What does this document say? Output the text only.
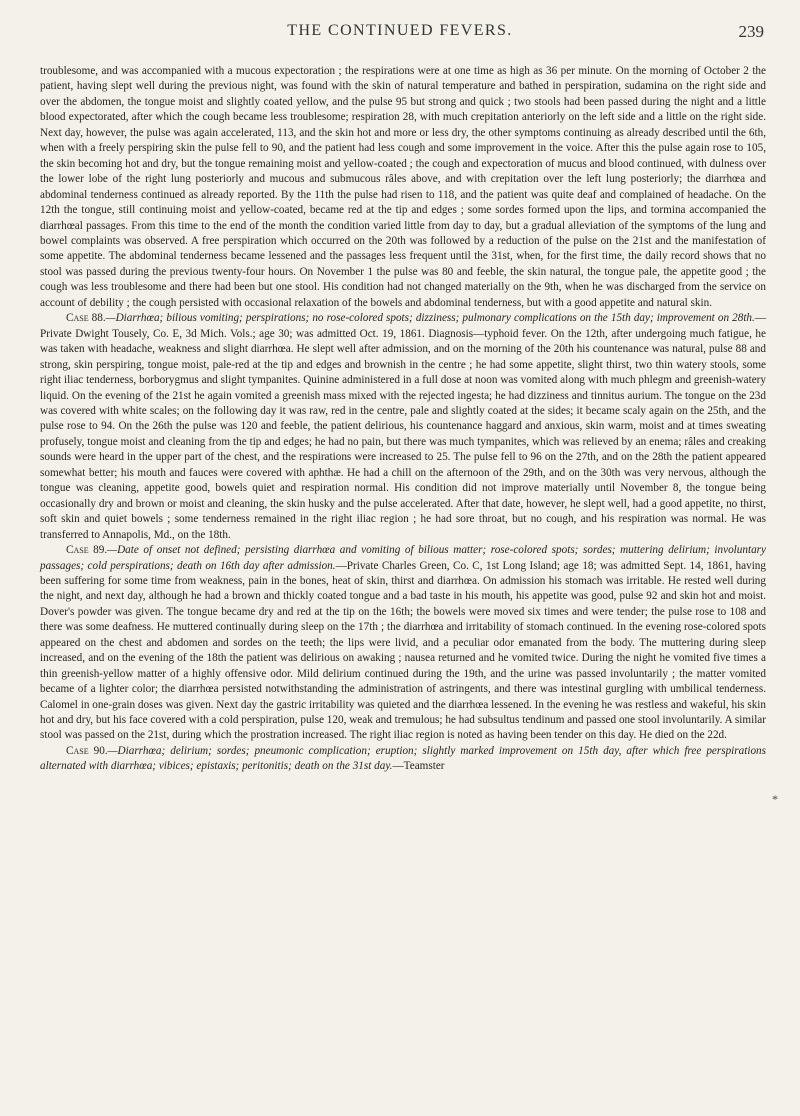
THE CONTINUED FEVERS.	239

troublesome, and was accompanied with a mucous expectoration ; the respirations were at one time as high as 36 per minute. On the morning of October 2 the patient, having slept well during the previous night, was found with the skin of natural temperature and bathed in perspiration, sudamina on the right side and over the abdomen, the tongue moist and slightly coated yellow, and the pulse 95 but strong and quick ; two stools had been passed during the night and a little blood expectorated, after which the cough became less troublesome; respiration 28, with much crepitation anteriorly on the left side and a little on the right side. Next day, however, the pulse was again accelerated, 113, and the skin hot and more or less dry, the other symptoms continuing as already described until the 6th, when with a freely perspiring skin the pulse fell to 90, and the patient had less cough and some improvement in the voice. After this the pulse again rose to 105, the skin becoming hot and dry, but the tongue remaining moist and yellow-coated ; the cough and expectoration of mucus and blood continued, with dulness over the lower lobe of the right lung posteriorly and mucous and submucous râles above, and with crepitation over the left lung posteriorly; the diarrhœa and abdominal tenderness continued as already reported. By the 11th the pulse had risen to 118, and the patient was quite deaf and complained of headache. On the 12th the tongue, still continuing moist and yellow-coated, became red at the tip and edges ; some sordes formed upon the lips, and tormina accompanied the diarrhœal passages. From this time to the end of the month the condition varied little from day to day, but a gradual alleviation of the symptoms of the lung and bowel complaints was observed. A free perspiration which occurred on the 20th was followed by a reduction of the pulse on the 21st and the manifestation of some appetite. The abdominal tenderness became lessened and the passages less frequent until the 31st, when, for the first time, the daily record shows that no stool was passed during the previous twenty-four hours. On November 1 the pulse was 80 and feeble, the skin natural, the tongue pale, the appetite good ; the cough was less troublesome and there had been but one stool. His condition had not changed materially on the 9th, when he was discharged from the service on account of debility ; the cough persisted with occasional relaxation of the bowels and abdominal tenderness, but with a good appetite and natural skin.

Case 88.—Diarrhœa; bilious vomiting; perspirations; no rose-colored spots; dizziness; pulmonary complications on the 15th day; improvement on 28th.—Private Dwight Tousely, Co. E, 3d Mich. Vols.; age 30; was admitted Oct. 19, 1861. Diagnosis—typhoid fever. On the 12th, after undergoing much fatigue, he was taken with headache, weakness and slight diarrhœa. He slept well after admission, and on the morning of the 20th his countenance was natural, pulse 88 and strong, skin perspiring, tongue moist, pale-red at the tip and edges and brownish in the centre ; he had some appetite, slight thirst, two thin watery stools, some right iliac tenderness, borborygmus and slight tympanites. Quinine administered in a full dose at noon was vomited along with much phlegm and greenish-watery liquid. On the evening of the 21st he again vomited a greenish mass mixed with the rejected ingesta; he had dizziness and tinnitus aurium. The tongue on the 23d was covered with white scales; on the following day it was raw, red in the centre, pale and slightly coated at the sides; it became scaly again on the 25th, and the pulse rose to 94. On the 26th the pulse was 120 and feeble, the patient delirious, his countenance haggard and anxious, skin warm, moist and at times sweating profusely, tongue moist and cleaning from the tip and edges; he had no pain, but there was much tympanites, which was relieved by an enema; râles and creaking sounds were heard in the upper part of the chest, and the respirations were increased to 25. The pulse fell to 96 on the 27th, and on the 28th the patient appeared somewhat better; his mouth and fauces were covered with aphthæ. He had a chill on the afternoon of the 29th, and on the 30th was very nervous, although the tongue was cleaning, appetite good, bowels quiet and respiration normal. His condition did not improve materially until November 8, the tongue being occasionally dry and brown or moist and cleaning, the skin husky and the pulse accelerated. After that date, however, he slept well, had a good appetite, no thirst, soft skin and quiet bowels ; some tenderness remained in the right iliac region ; he had sore throat, but no cough, and his respiration was normal. He was transferred to Annapolis, Md., on the 18th.

Case 89.—Date of onset not defined; persisting diarrhœa and vomiting of bilious matter; rose-colored spots; sordes; muttering delirium; involuntary passages; cold perspirations; death on 16th day after admission.—Private Charles Green, Co. C, 1st Long Island; age 18; was admitted Sept. 14, 1861, having been suffering for some time from weakness, pain in the bones, heat of skin, thirst and diarrhœa. On admission his stomach was irritable. He rested well during the night, and next day, although he had a brown and thickly coated tongue and a bad taste in his mouth, his appetite was good, pulse 92 and skin hot and moist. Dover's powder was given. The tongue became dry and red at the tip on the 16th; the bowels were moved six times and were tender; the pulse rose to 108 and there was some deafness. He muttered continually during sleep on the 17th ; the diarrhœa and irritability of stomach continued. In the evening rose-colored spots appeared on the chest and abdomen and sordes on the teeth; the lips were livid, and a peculiar odor emanated from the body. The muttering during sleep increased, and on the evening of the 18th the patient was delirious on awaking ; nausea returned and he vomited twice. During the night he vomited five times a thin greenish-yellow matter of a highly offensive odor. Mild delirium continued during the 19th, and the urine was passed involuntarily ; the matter vomited became of a lighter color; the diarrhœa persisted notwithstanding the administration of astringents, and there was intestinal gurgling with umbilical tenderness. Calomel in one-grain doses was given. Next day the gastric irritability was quieted and the diarrhœa lessened. In the evening he was restless and wakeful, his skin hot and dry, but his face covered with a cold perspiration, pulse 120, weak and tremulous; he had subsultus tendinum and passed one stool involuntarily. A similar stool was passed on the 21st, during which the prostration increased. The right iliac region is noted as having been tender on this day. He died on the 22d.

Case 90.—Diarrhœa; delirium; sordes; pneumonic complication; eruption; slightly marked improvement on 15th day, after which free perspirations alternated with diarrhœa; vibices; epistaxis; peritonitis; death on the 31st day.—Teamster

*
